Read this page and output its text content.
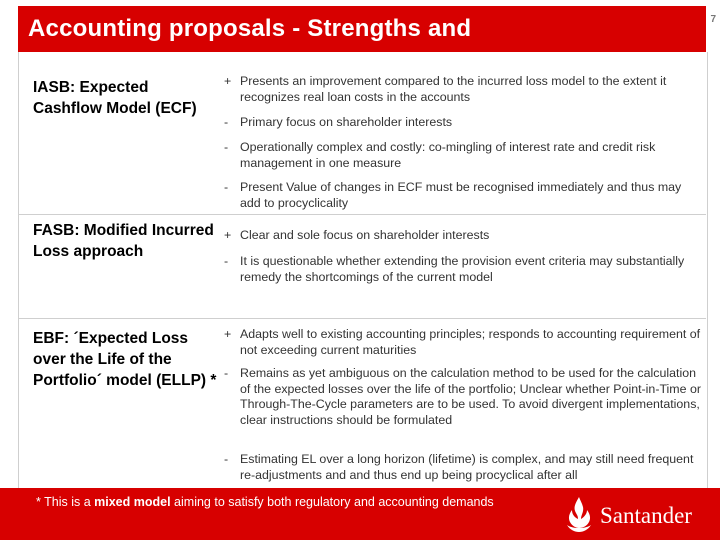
Accounting proposals - Strengths and	7
IASB: Expected Cashflow Model (ECF)
+ Presents an improvement compared to the incurred loss model to the extent it recognizes real loan costs in the accounts
- Primary focus on shareholder interests
- Operationally complex and costly: co-mingling of interest rate and credit risk management in one measure
- Present Value of changes in ECF must be recognised immediately and thus may add to procyclicality
FASB: Modified Incurred Loss approach
+ Clear and sole focus on shareholder interests
- It is questionable whether extending the provision event criteria may substantially remedy the shortcomings of the current model
EBF: ´Expected Loss over the Life of the Portfolio´ model (ELLP) *
+ Adapts well to existing accounting principles; responds to accounting requirement of not exceeding current maturities
- Remains as yet ambiguous on the calculation method to be used for the calculation of the expected losses over the life of the portfolio; Unclear whether Point-in-Time or Through-The-Cycle parameters are to be used. To avoid divergent implementations, clear instructions should be formulated
- Estimating EL over a long horizon (lifetime) is complex, and may still need frequent re-adjustments and and thus end up being procyclical after all
* This is a mixed model aiming to satisfy both regulatory and accounting demands
Santander
